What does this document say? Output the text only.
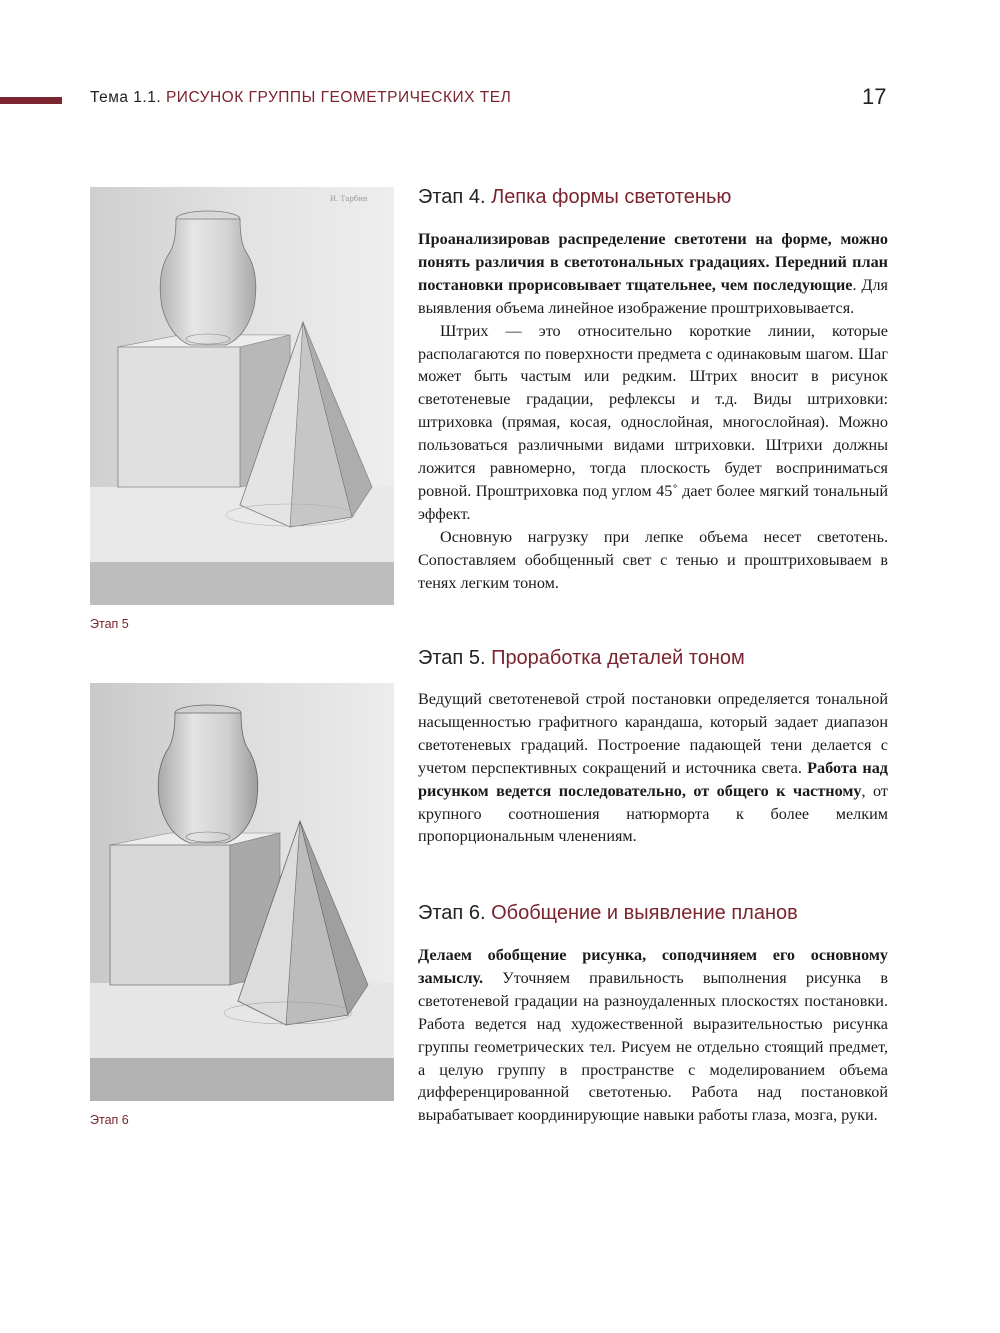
Тема 1.1. РИСУНОК ГРУППЫ ГЕОМЕТРИЧЕСКИХ ТЕЛ	17
И. Тарбин
Этап 5
Этап 6
Этап 4. Лепка формы светотенью

Проанализировав распределение светотени на форме, можно понять различия в светотональных градациях. Передний план постановки прорисовывает тщательнее, чем последующие. Для выявления объема линейное изображение проштриховывается.

Штрих — это относительно короткие линии, которые располагаются по поверхности предмета с одинаковым шагом. Шаг может быть частым или редким. Штрих вносит в рисунок светотеневые градации, рефлексы и т.д. Виды штриховки: штриховка (прямая, косая, однослойная, многослойная). Можно пользоваться различными видами штриховки. Штрихи должны ложится равномерно, тогда плоскость будет восприниматься ровной. Проштриховка под углом 45˚ дает более мягкий тональный эффект.

Основную нагрузку при лепке объема несет светотень. Сопоставляем обобщенный свет с тенью и проштриховываем в тенях легким тоном.

Этап 5. Проработка деталей тоном

Ведущий светотеневой строй постановки определяется тональной насыщенностью графитного карандаша, который задает диапазон светотеневых градаций. Построение падающей тени делается с учетом перспективных сокращений и источника света. Работа над рисунком ведется последовательно, от общего к частному, от крупного соотношения натюрморта к более мелким пропорциональным членениям.

Этап 6. Обобщение и выявление планов

Делаем обобщение рисунка, соподчиняем его основному замыслу. Уточняем правильность выполнения рисунка в светотеневой градации на разноудаленных плоскостях постановки. Работа ведется над художественной выразительностью рисунка группы геометрических тел. Рисуем не отдельно стоящий предмет, а целую группу в пространстве с моделированием объема дифференцированной светотенью. Работа над постановкой вырабатывает координирующие навыки работы глаза, мозга, руки.
